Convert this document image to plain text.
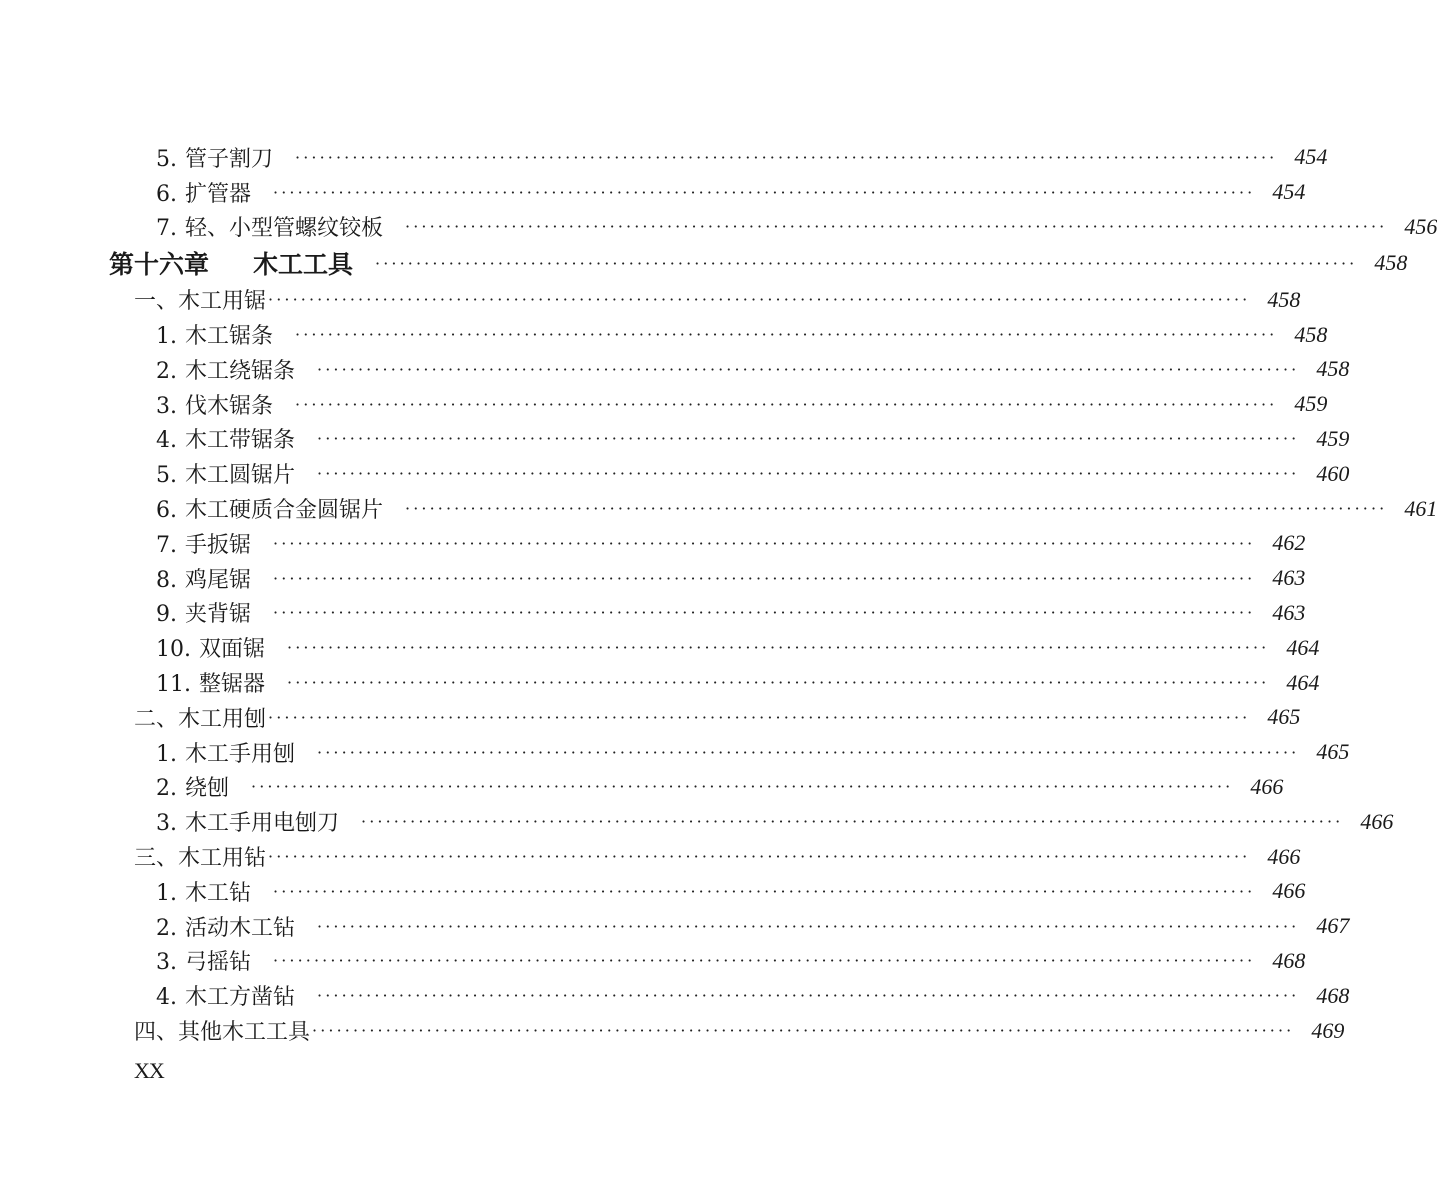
5. 管子割刀 ························································································································ 454
6. 扩管器 ························································································································ 454
7. 轻、小型管螺纹铰板 ························································································································ 456
第十六章 木工工具 ························································································································ 458
一、木工用锯 ························································································································ 458
1. 木工锯条 ························································································································ 458
2. 木工绕锯条 ························································································································ 458
3. 伐木锯条 ························································································································ 459
4. 木工带锯条 ························································································································ 459
5. 木工圆锯片 ························································································································ 460
6. 木工硬质合金圆锯片 ························································································································ 461
7. 手扳锯 ························································································································ 462
8. 鸡尾锯 ························································································································ 463
9. 夹背锯 ························································································································ 463
10. 双面锯 ························································································································ 464
11. 整锯器 ························································································································ 464
二、木工用刨 ························································································································ 465
1. 木工手用刨 ························································································································ 465
2. 绕刨 ························································································································ 466
3. 木工手用电刨刀 ························································································································ 466
三、木工用钻 ························································································································ 466
1. 木工钻 ························································································································ 466
2. 活动木工钻 ························································································································ 467
3. 弓摇钻 ························································································································ 468
4. 木工方凿钻 ························································································································ 468
四、其他木工工具 ························································································································ 469
XX
